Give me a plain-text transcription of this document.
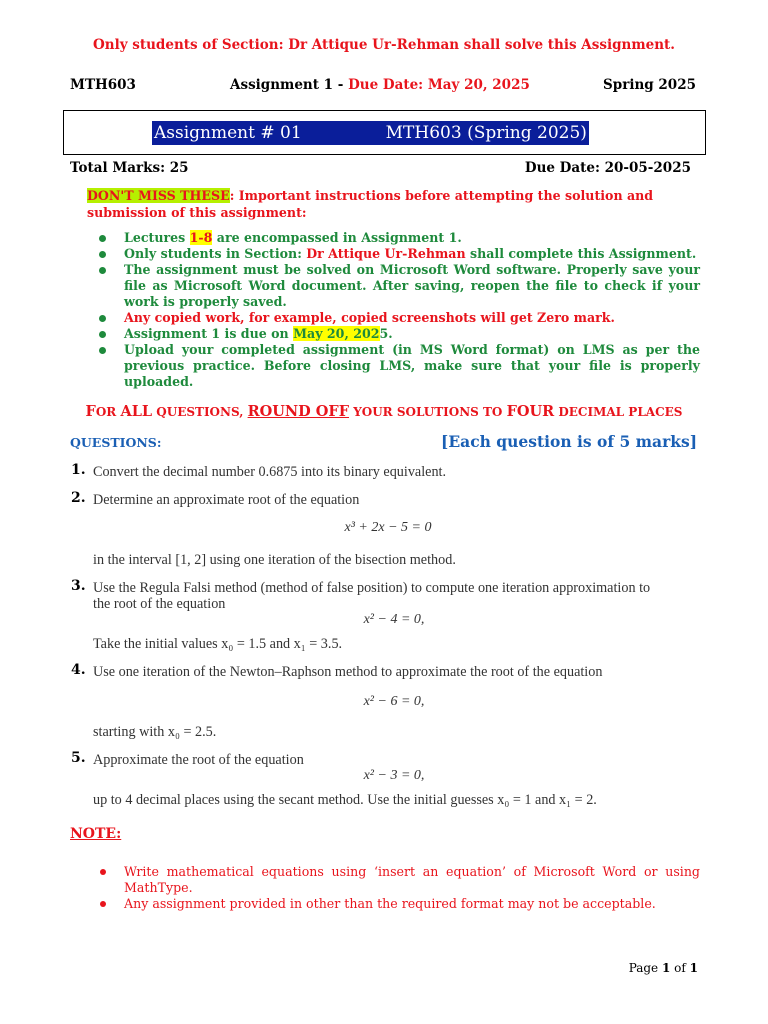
Only students of Section: Dr Attique Ur-Rehman shall solve this Assignment.
MTH603	Assignment 1 - Due Date: May 20, 2025	Spring 2025
Assignment # 01	MTH603 (Spring 2025)
Total Marks: 25	Due Date: 20-05-2025
DON'T MISS THESE: Important instructions before attempting the solution and submission of this assignment:
Lectures 1-8 are encompassed in Assignment 1.
Only students in Section: Dr Attique Ur-Rehman shall complete this Assignment.
The assignment must be solved on Microsoft Word software. Properly save your file as Microsoft Word document. After saving, reopen the file to check if your work is properly saved.
Any copied work, for example, copied screenshots will get Zero mark.
Assignment 1 is due on May 20, 2025.
Upload your completed assignment (in MS Word format) on LMS as per the previous practice. Before closing LMS, make sure that your file is properly uploaded.
FOR ALL QUESTIONS, ROUND OFF YOUR SOLUTIONS TO FOUR DECIMAL PLACES
QUESTIONS:	[Each question is of 5 marks]
1. Convert the decimal number 0.6875 into its binary equivalent.
2. Determine an approximate root of the equation
x³ + 2x − 5 = 0
in the interval [1, 2] using one iteration of the bisection method.
3. Use the Regula Falsi method (method of false position) to compute one iteration approximation to
the root of the equation
x² − 4 = 0,
Take the initial values x₀ = 1.5 and x₁ = 3.5.
4. Use one iteration of the Newton–Raphson method to approximate the root of the equation
x² − 6 = 0,
starting with x₀ = 2.5.
5. Approximate the root of the equation
x² − 3 = 0,
up to 4 decimal places using the secant method. Use the initial guesses x₀ = 1 and x₁ = 2.
NOTE:
Write mathematical equations using ‘insert an equation’ of Microsoft Word or using MathType.
Any assignment provided in other than the required format may not be acceptable.
Page 1 of 1
